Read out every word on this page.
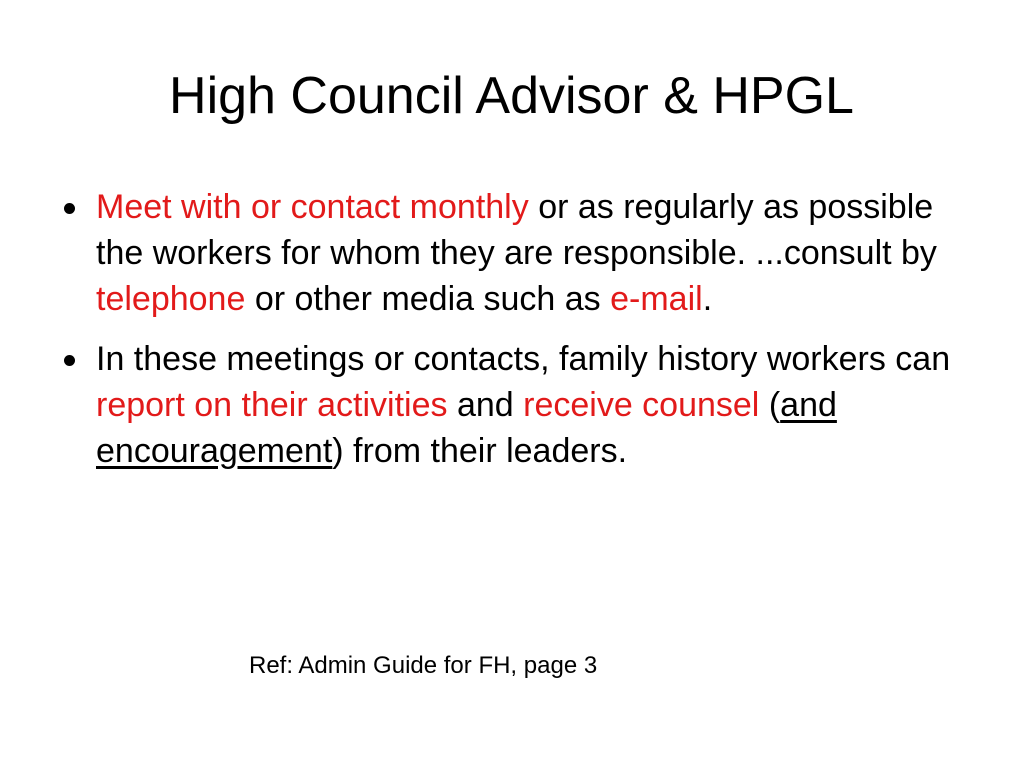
High Council Advisor & HPGL
Meet with or contact monthly or as regularly as possible the workers for whom they are responsible. ...consult by telephone or other media such as e-mail.
In these meetings or contacts, family history workers can report on their activities and receive counsel (and encouragement) from their leaders.

Ref: Admin Guide for FH, page 3
